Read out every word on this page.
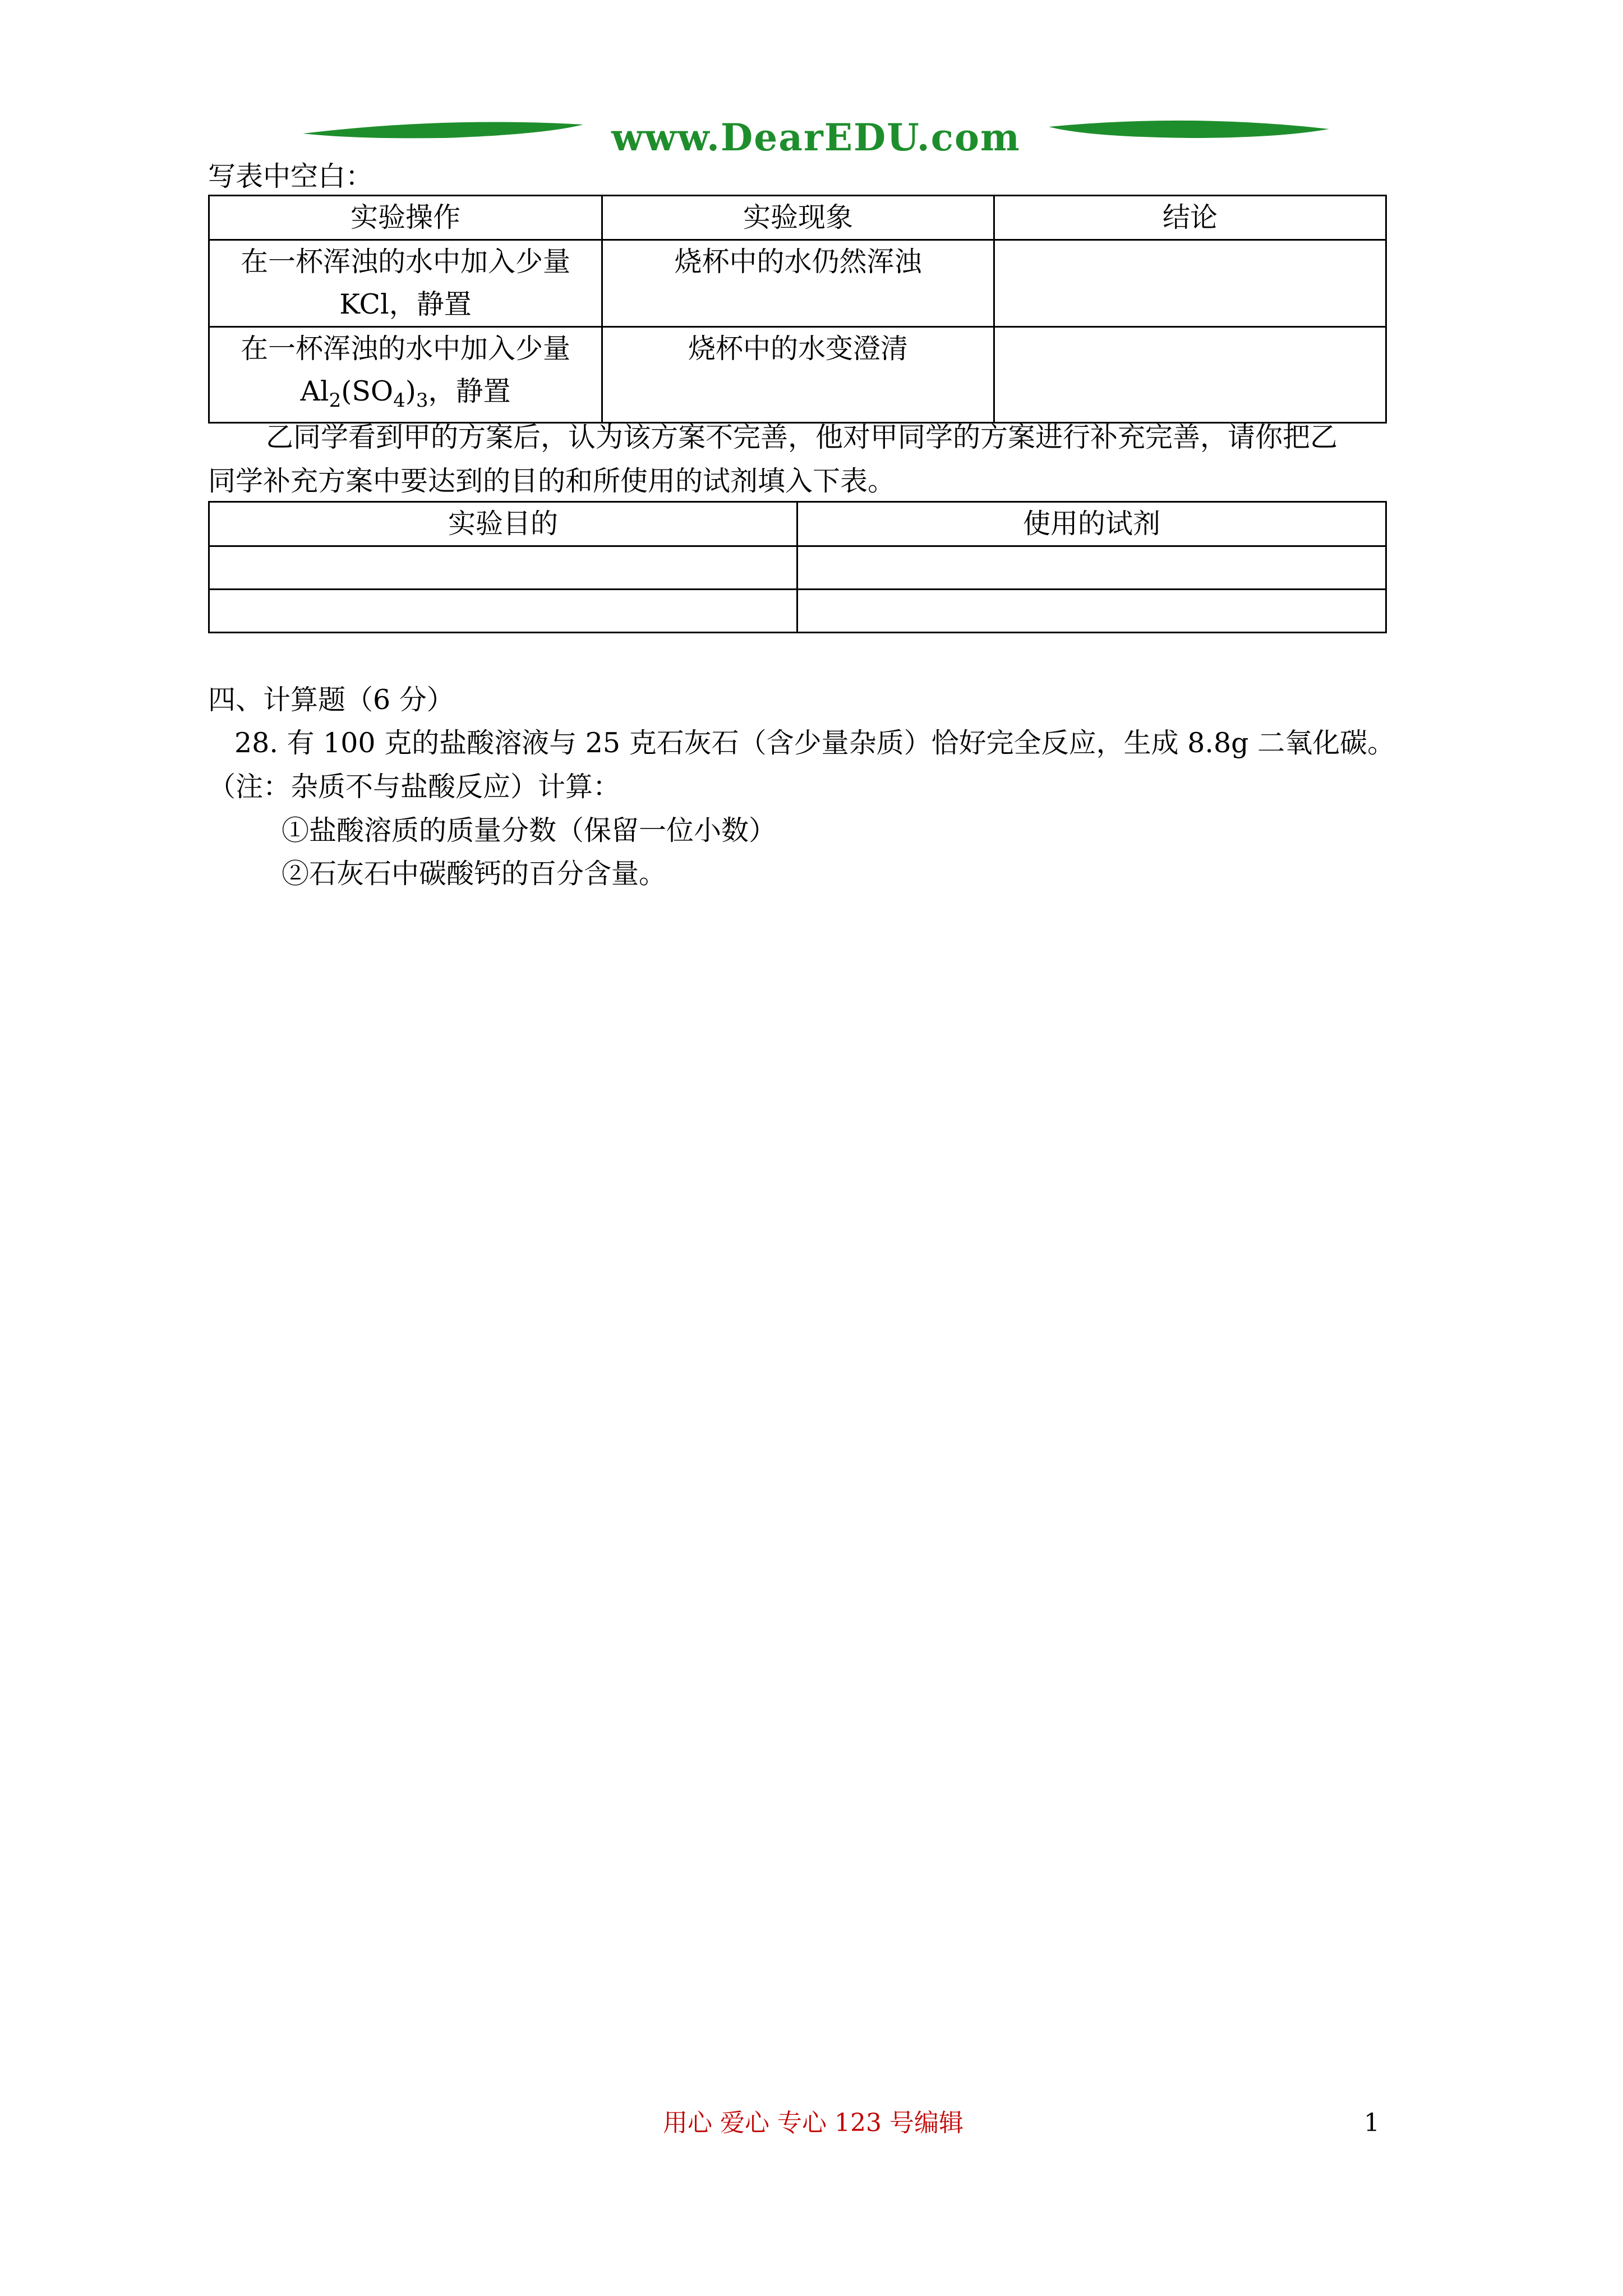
www.DearEDU.com
写表中空白：
实验操作	实验现象	结论

在一杯浑浊的水中加入少量
KCl，静置	烧杯中的水仍然浑浊	

在一杯浑浊的水中加入少量
$Al_2(SO_4)_3$，静置	烧杯中的水变澄清	
乙同学看到甲的方案后，认为该方案不完善，他对甲同学的方案进行补充完善，请你把乙
同学补充方案中要达到的目的和所使用的试剂填入下表。
实验目的	使用的试剂

四、计算题（6 分）
28. 有 100 克的盐酸溶液与 25 克石灰石（含少量杂质）恰好完全反应，生成 8.8g 二氧化碳。
（注：杂质不与盐酸反应）计算：
①盐酸溶质的质量分数（保留一位小数）
②石灰石中碳酸钙的百分含量。
用心 爱心 专心 123 号编辑	1
